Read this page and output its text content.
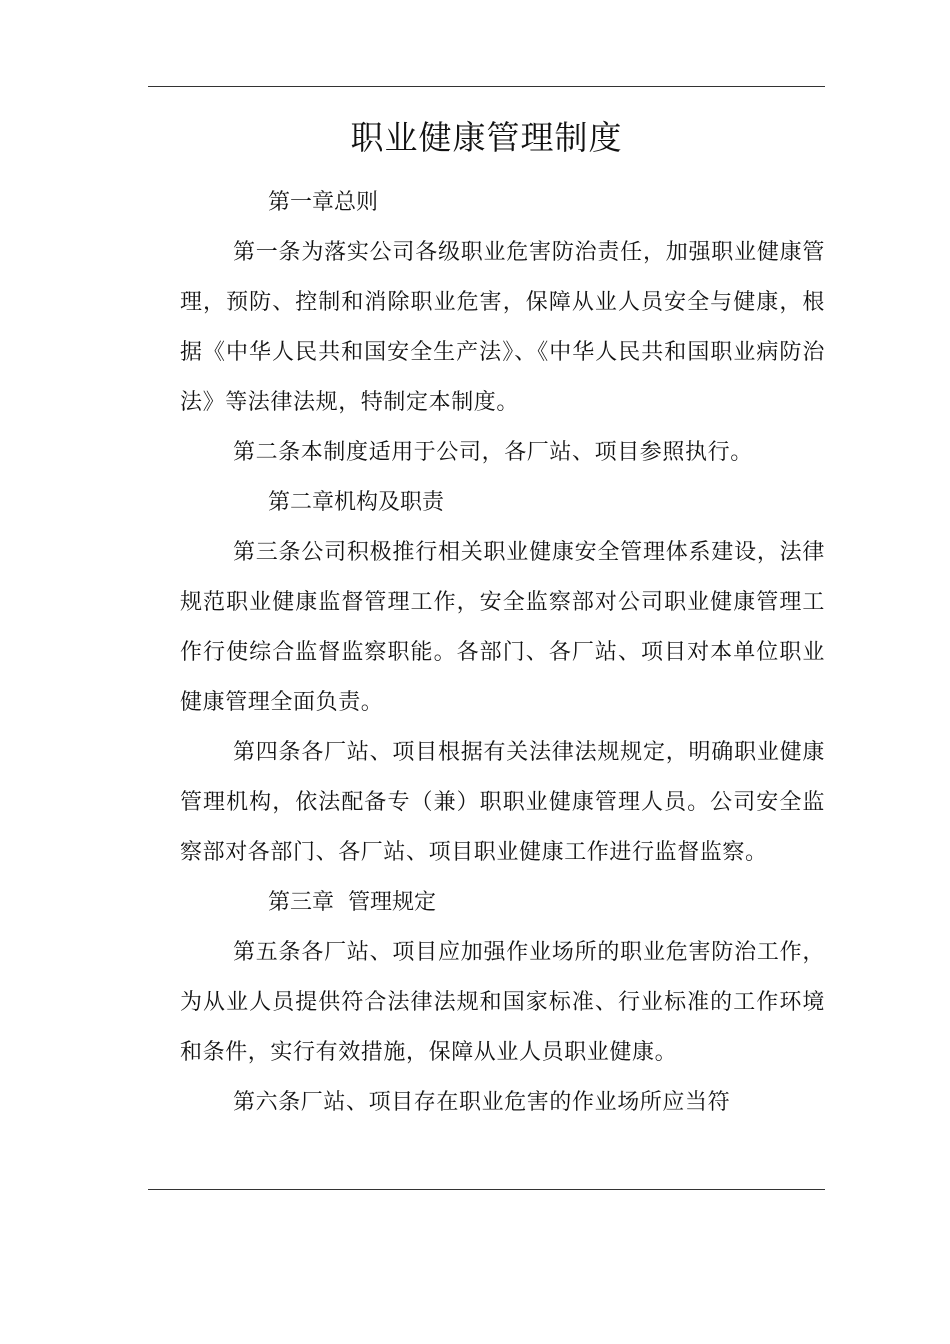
职业健康管理制度

第一章总则

第一条为落实公司各级职业危害防治责任，加强职业健康管理，预防、控制和消除职业危害，保障从业人员安全与健康，根据《中华人民共和国安全生产法》、《中华人民共和国职业病防治法》等法律法规，特制定本制度。

第二条本制度适用于公司，各厂站、项目参照执行。

第二章机构及职责

第三条公司积极推行相关职业健康安全管理体系建设，法律规范职业健康监督管理工作，安全监察部对公司职业健康管理工作行使综合监督监察职能。各部门、各厂站、项目对本单位职业健康管理全面负责。

第四条各厂站、项目根据有关法律法规规定，明确职业健康管理机构，依法配备专（兼）职职业健康管理人员。公司安全监察部对各部门、各厂站、项目职业健康工作进行监督监察。

第三章  管理规定

第五条各厂站、项目应加强作业场所的职业危害防治工作，为从业人员提供符合法律法规和国家标准、行业标准的工作环境和条件，实行有效措施，保障从业人员职业健康。

第六条厂站、项目存在职业危害的作业场所应当符
